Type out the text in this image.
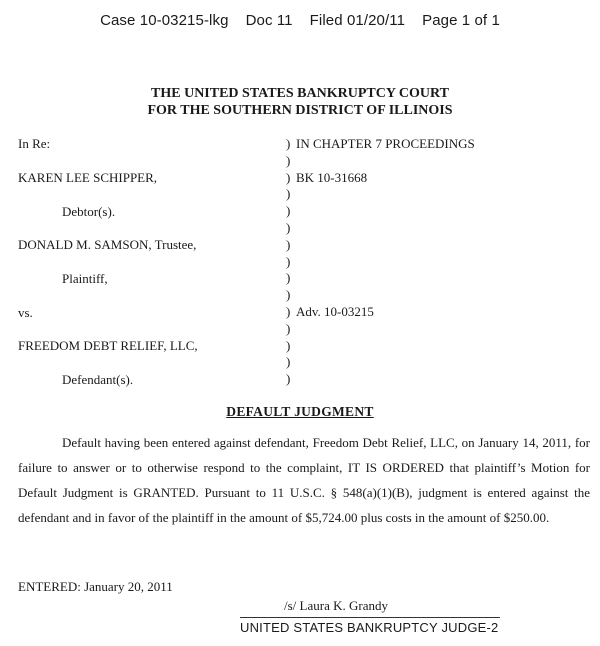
Case 10-03215-lkg    Doc 11    Filed 01/20/11    Page 1 of 1
THE UNITED STATES BANKRUPTCY COURT
FOR THE SOUTHERN DISTRICT OF ILLINOIS
In Re:
KAREN LEE SCHIPPER,
Debtor(s).
DONALD M. SAMSON, Trustee,
Plaintiff,
vs.
FREEDOM DEBT RELIEF, LLC,
Defendant(s).
)
)
)
)
)
)
)
)
)
)
)
)
)
)
)
IN CHAPTER 7 PROCEEDINGS
BK 10-31668
Adv. 10-03215
DEFAULT JUDGMENT
Default having been entered against defendant, Freedom Debt Relief, LLC, on January 14, 2011, for failure to answer or to otherwise respond to the complaint, IT IS ORDERED that plaintiff’s Motion for Default Judgment is GRANTED. Pursuant to 11 U.S.C. § 548(a)(1)(B), judgment is entered against the defendant and in favor of the plaintiff in the amount of $5,724.00 plus costs in the amount of $250.00.
ENTERED: January 20, 2011
/s/ Laura K. Grandy
UNITED STATES BANKRUPTCY JUDGE-2
